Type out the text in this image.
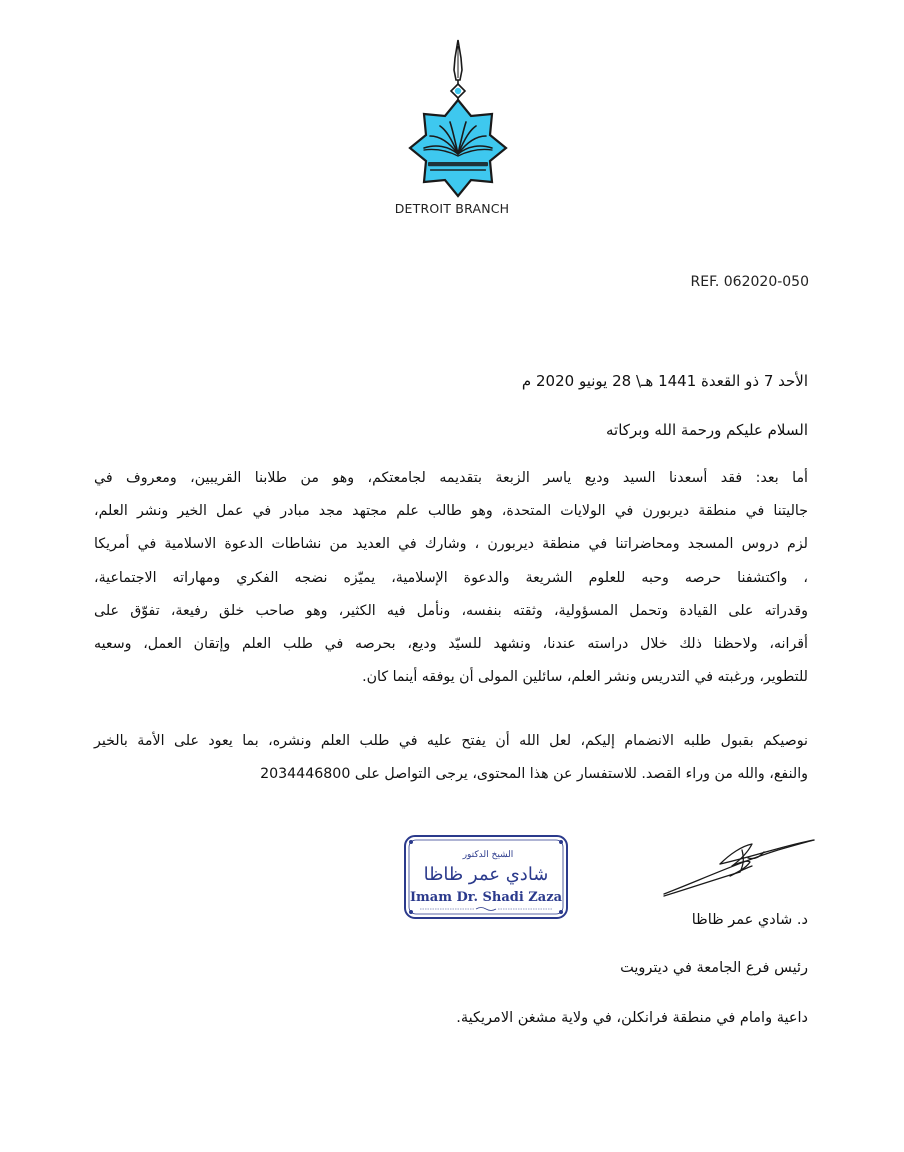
DETROIT BRANCH
REF. 062020-050
الأحد 7 ذو القعدة 1441 هـ\ 28 يونيو 2020 م
السلام عليكم ورحمة الله وبركاته
أما بعد: فقد أسعدنا السيد وديع ياسر الزبعة بتقديمه لجامعتكم، وهو من طلابنا القريبين، ومعروف في
جاليتنا في منطقة ديربورن في الولايات المتحدة، وهو طالب علم مجتهد مجد مبادر في عمل الخير ونشر العلم،
لزم دروس المسجد ومحاضراتنا في منطقة ديربورن ، وشارك في العديد من نشاطات الدعوة الاسلامية في أمريكا
، واكتشفنا حرصه وحبه للعلوم الشريعة والدعوة الإسلامية، يميّزه نضجه الفكري ومهاراته الاجتماعية،
وقدراته على القيادة وتحمل المسؤولية، وثقته بنفسه، ونأمل فيه الكثير، وهو صاحب خلق رفيعة، تفوّق على
أقرانه، ولاحظنا ذلك خلال دراسته عندنا، ونشهد للسيّد وديع، بحرصه في طلب العلم وإتقان العمل، وسعيه
للتطوير، ورغبته في التدريس ونشر العلم، سائلين المولى أن يوفقه أينما كان.
نوصيكم بقبول طلبه الانضمام إليكم، لعل الله أن يفتح عليه في طلب العلم ونشره، بما يعود على الأمة بالخير
والنفع، والله من وراء القصد. للاستفسار عن هذا المحتوى، يرجى التواصل على 2034446800
الشيخ الدكتور
شادي عمر ظاظا
Imam Dr. Shadi Zaza
د. شادي عمر ظاظا
رئيس فرع الجامعة في ديترويت
داعية وامام في منطقة فرانكلن، في ولاية مشغن الامريكية.
